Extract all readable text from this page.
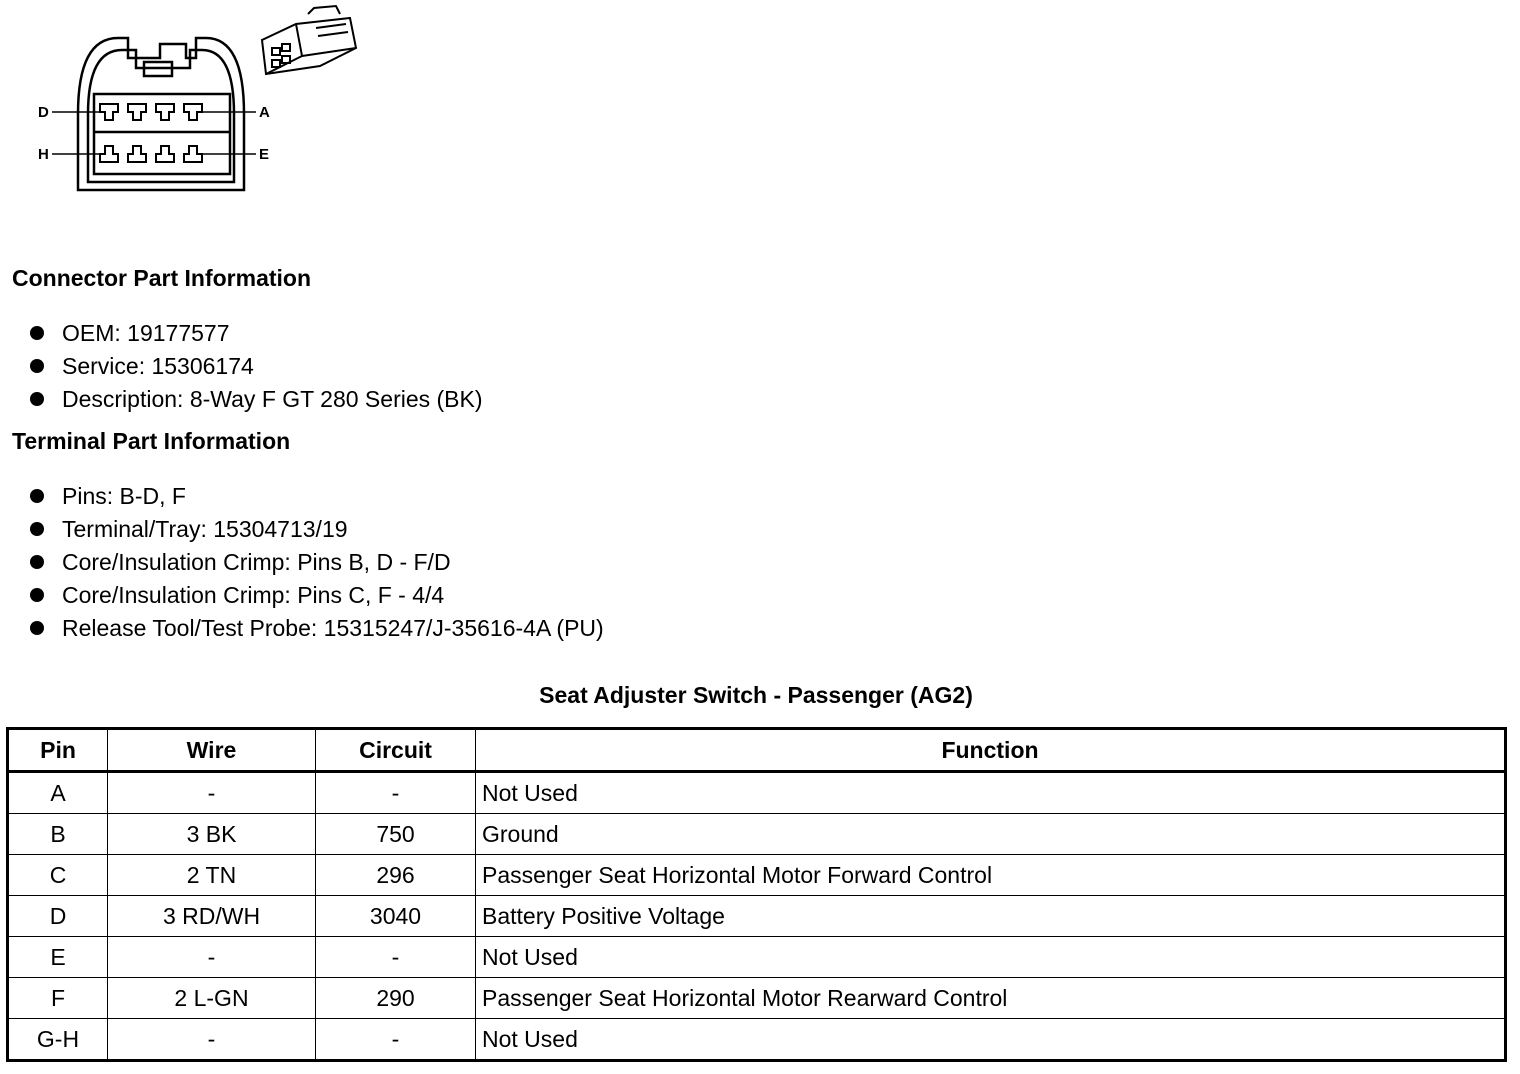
D	A
H	E
Connector Part Information
OEM: 19177577
Service: 15306174
Description: 8-Way F GT 280 Series (BK)
Terminal Part Information
Pins: B-D, F
Terminal/Tray: 15304713/19
Core/Insulation Crimp: Pins B, D - F/D
Core/Insulation Crimp: Pins C, F - 4/4
Release Tool/Test Probe: 15315247/J-35616-4A (PU)
Seat Adjuster Switch - Passenger (AG2)
Pin	Wire	Circuit	Function
A	-	-	Not Used
B	3 BK	750	Ground
C	2 TN	296	Passenger Seat Horizontal Motor Forward Control
D	3 RD/WH	3040	Battery Positive Voltage
E	-	-	Not Used
F	2 L-GN	290	Passenger Seat Horizontal Motor Rearward Control
G-H	-	-	Not Used
